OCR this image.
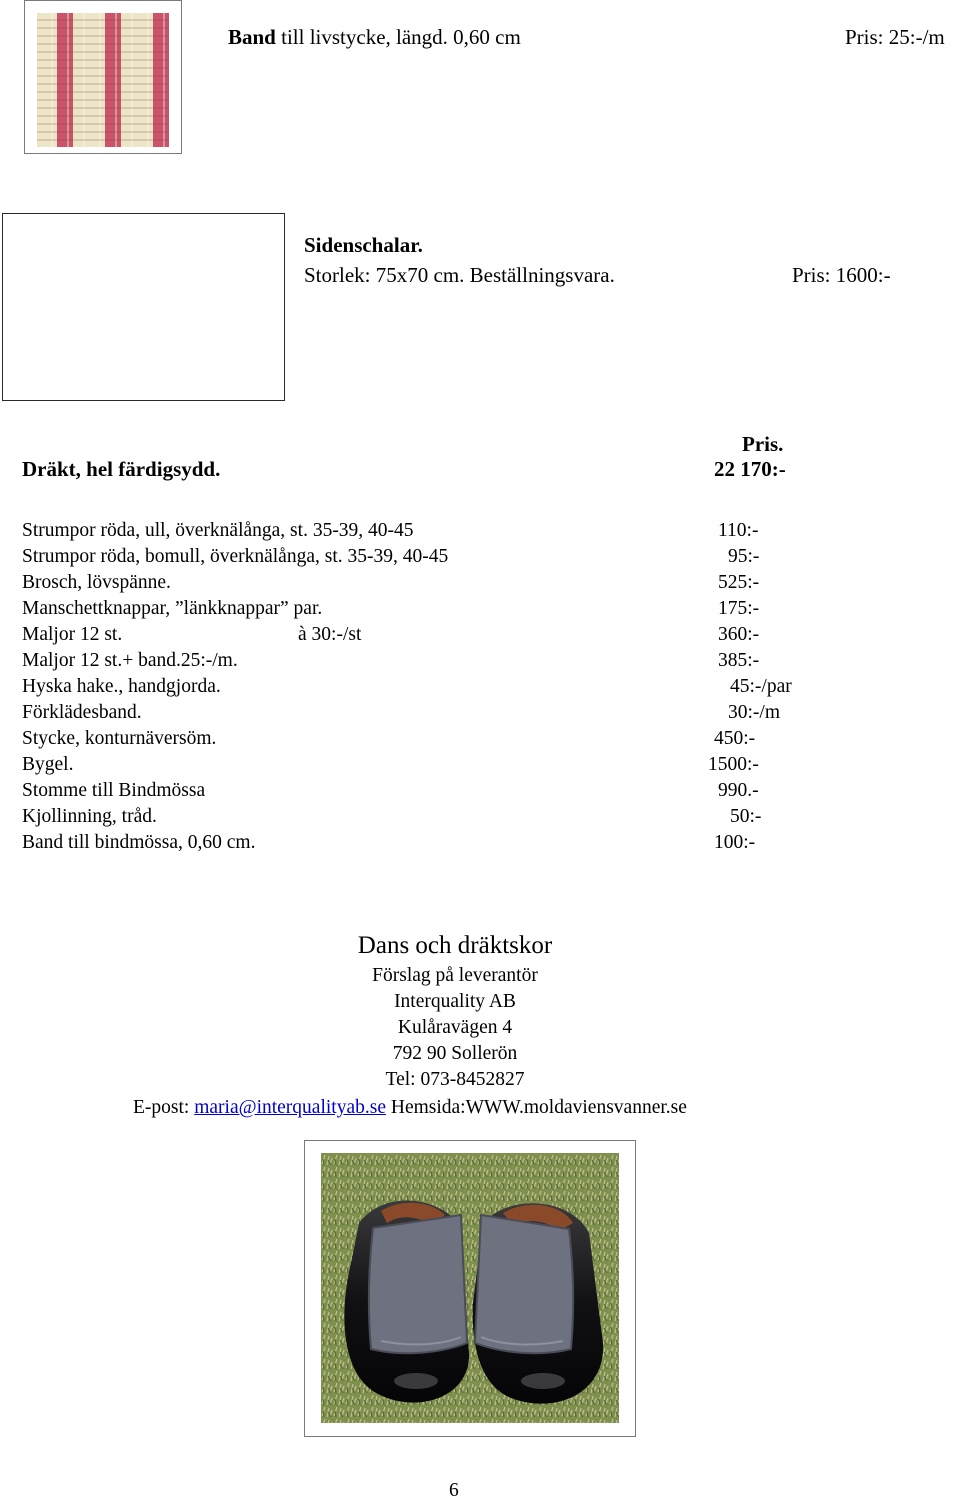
Band till livstycke, längd. 0,60 cm	Pris: 25:-/m
Sidenschalar.
Storlek: 75x70 cm. Beställningsvara.	Pris: 1600:-
Pris.
Dräkt, hel färdigsydd.	22 170:-
Strumpor röda, ull, överknälånga, st. 35-39, 40-45	110:-
Strumpor röda, bomull, överknälånga, st. 35-39, 40-45	95:-
Brosch, lövspänne.	525:-
Manschettknappar, ”länkknappar” par.	175:-
Maljor 12 st.	à 30:-/st	360:-
Maljor 12 st.+ band.25:-/m.	385:-
Hyska hake., handgjorda.	45:-/par
Förklädesband.	30:-/m
Stycke, konturnäversöm.	450:-
Bygel.	1500:-
Stomme till Bindmössa	990.-
Kjollinning, tråd.	50:-
Band till bindmössa, 0,60 cm.	100:-
Dans och dräktskor
Förslag på leverantör
Interquality AB
Kulåravägen 4
792 90 Sollerön
Tel: 073-8452827
E-post: maria@interqualityab.se Hemsida:WWW.moldaviensvanner.se
6
